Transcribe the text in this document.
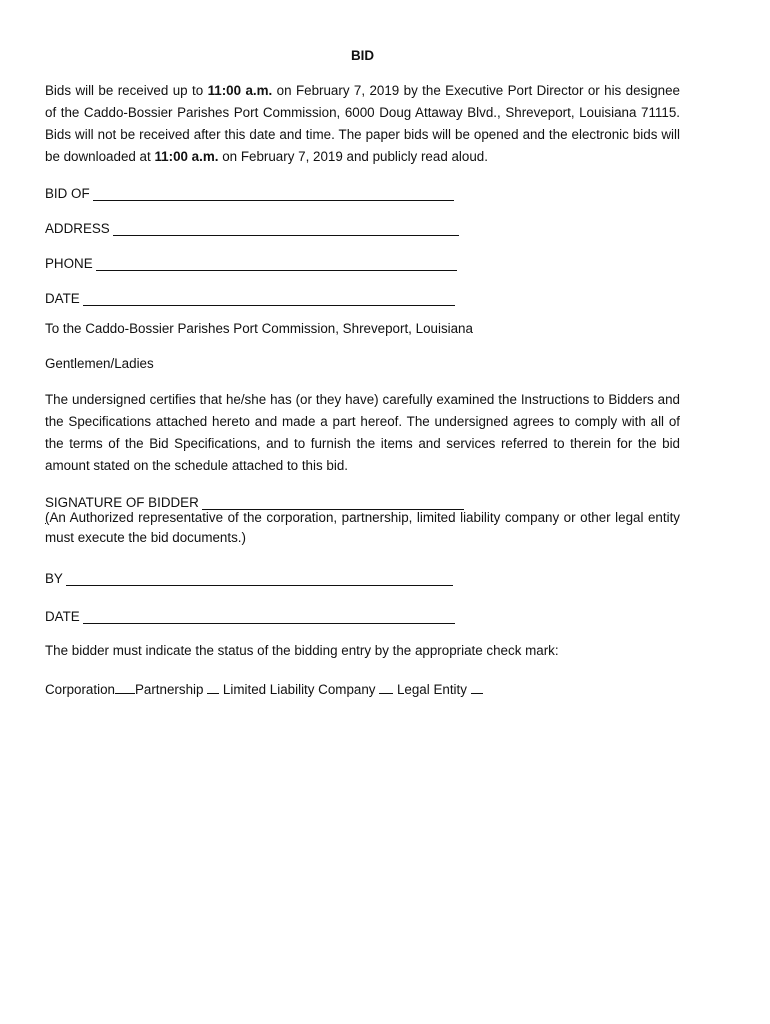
BID
Bids will be received up to 11:00 a.m. on February 7, 2019 by the Executive Port Director or his designee of the Caddo-Bossier Parishes Port Commission, 6000 Doug Attaway Blvd., Shreveport, Louisiana 71115. Bids will not be received after this date and time. The paper bids will be opened and the electronic bids will be downloaded at 11:00 a.m. on February 7, 2019 and publicly read aloud.
BID OF
ADDRESS
PHONE
DATE
To the Caddo-Bossier Parishes Port Commission, Shreveport, Louisiana
Gentlemen/Ladies
The undersigned certifies that he/she has (or they have) carefully examined the Instructions to Bidders and the Specifications attached hereto and made a part hereof. The undersigned agrees to comply with all of the terms of the Bid Specifications, and to furnish the items and services referred to therein for the bid amount stated on the schedule attached to this bid.
SIGNATURE OF BIDDER
(An Authorized representative of the corporation, partnership, limited liability company or other legal entity must execute the bid documents.)
BY
DATE
The bidder must indicate the status of the bidding entry by the appropriate check mark:
Corporation Partnership Limited Liability Company Legal Entity
